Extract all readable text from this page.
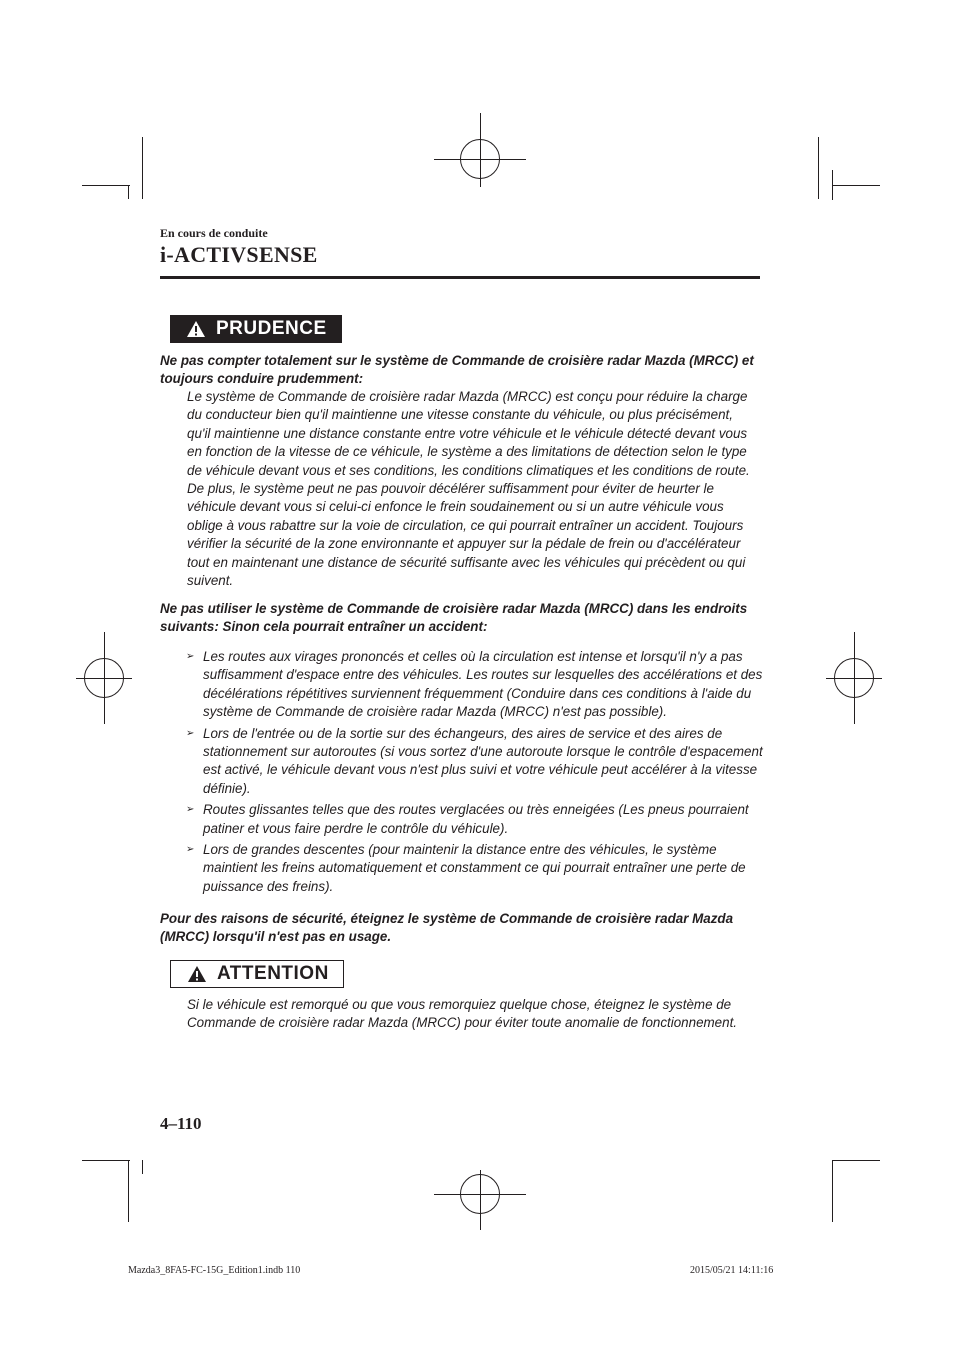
En cours de conduite
i-ACTIVSENSE
PRUDENCE
Ne pas compter totalement sur le système de Commande de croisière radar Mazda (MRCC) et toujours conduire prudemment:
Le système de Commande de croisière radar Mazda (MRCC) est conçu pour réduire la charge du conducteur bien qu'il maintienne une vitesse constante du véhicule, ou plus précisément, qu'il maintienne une distance constante entre votre véhicule et le véhicule détecté devant vous en fonction de la vitesse de ce véhicule, le système a des limitations de détection selon le type de véhicule devant vous et ses conditions, les conditions climatiques et les conditions de route. De plus, le système peut ne pas pouvoir décélérer suffisamment pour éviter de heurter le véhicule devant vous si celui-ci enfonce le frein soudainement ou si un autre véhicule vous oblige à vous rabattre sur la voie de circulation, ce qui pourrait entraîner un accident. Toujours vérifier la sécurité de la zone environnante et appuyer sur la pédale de frein ou d'accélérateur tout en maintenant une distance de sécurité suffisante avec les véhicules qui précèdent ou qui suivent.
Ne pas utiliser le système de Commande de croisière radar Mazda (MRCC) dans les endroits suivants: Sinon cela pourrait entraîner un accident:
➢ Les routes aux virages prononcés et celles où la circulation est intense et lorsqu'il n'y a pas suffisamment d'espace entre des véhicules. Les routes sur lesquelles des accélérations et des décélérations répétitives surviennent fréquemment (Conduire dans ces conditions à l'aide du système de Commande de croisière radar Mazda (MRCC) n'est pas possible).
➢ Lors de l'entrée ou de la sortie sur des échangeurs, des aires de service et des aires de stationnement sur autoroutes (si vous sortez d'une autoroute lorsque le contrôle d'espacement est activé, le véhicule devant vous n'est plus suivi et votre véhicule peut accélérer à la vitesse définie).
➢ Routes glissantes telles que des routes verglacées ou très enneigées (Les pneus pourraient patiner et vous faire perdre le contrôle du véhicule).
➢ Lors de grandes descentes (pour maintenir la distance entre des véhicules, le système maintient les freins automatiquement et constamment ce qui pourrait entraîner une perte de puissance des freins).
Pour des raisons de sécurité, éteignez le système de Commande de croisière radar Mazda (MRCC) lorsqu'il n'est pas en usage.
ATTENTION
Si le véhicule est remorqué ou que vous remorquiez quelque chose, éteignez le système de Commande de croisière radar Mazda (MRCC) pour éviter toute anomalie de fonctionnement.
4–110
Mazda3_8FA5-FC-15G_Edition1.indb 110	2015/05/21 14:11:16
